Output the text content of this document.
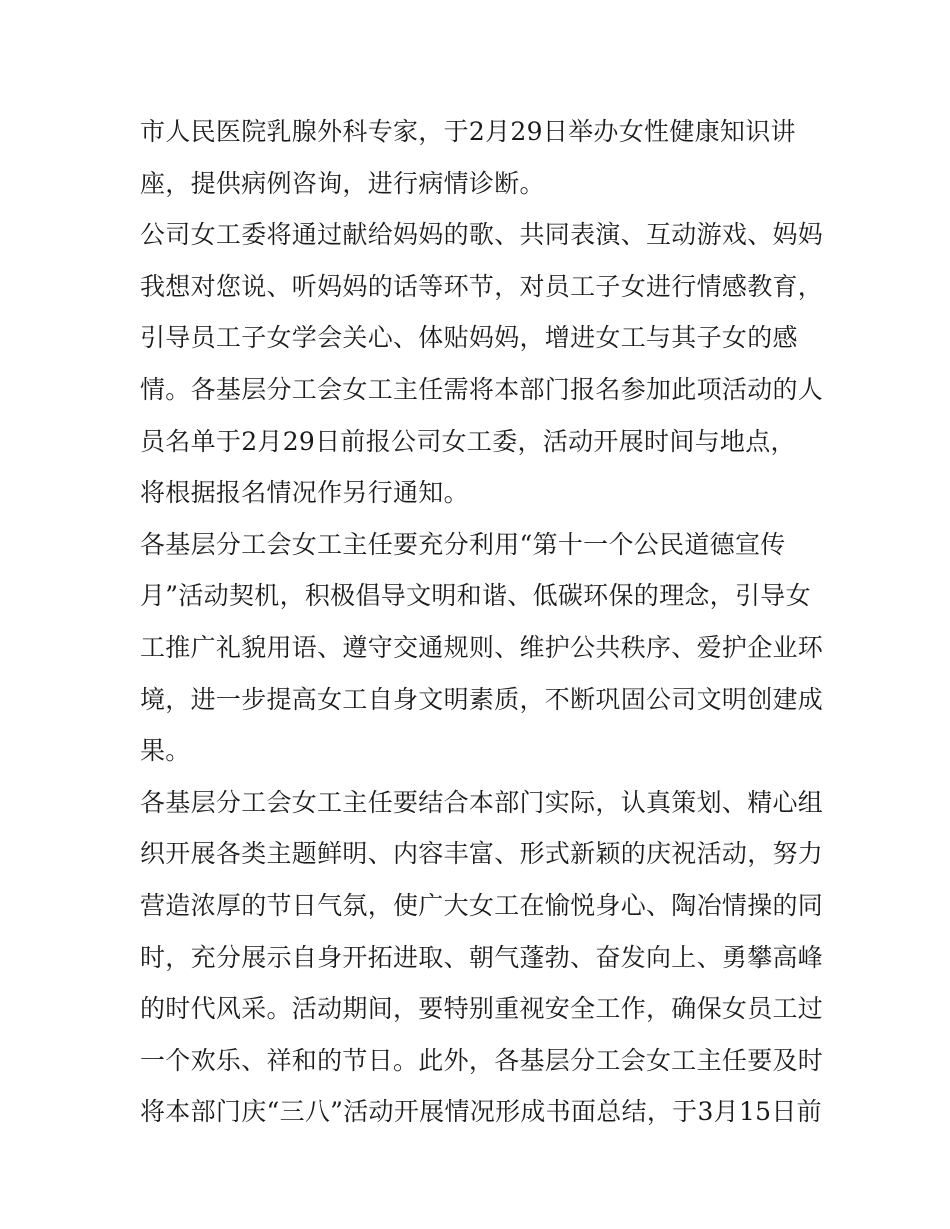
市人民医院乳腺外科专家，于2月29日举办女性健康知识讲
座，提供病例咨询，进行病情诊断。
公司女工委将通过献给妈妈的歌、共同表演、互动游戏、妈妈
我想对您说、听妈妈的话等环节，对员工子女进行情感教育，
引导员工子女学会关心、体贴妈妈，增进女工与其子女的感
情。各基层分工会女工主任需将本部门报名参加此项活动的人
员名单于2月29日前报公司女工委，活动开展时间与地点，
将根据报名情况作另行通知。
各基层分工会女工主任要充分利用“第十一个公民道德宣传
月”活动契机，积极倡导文明和谐、低碳环保的理念，引导女
工推广礼貌用语、遵守交通规则、维护公共秩序、爱护企业环
境，进一步提高女工自身文明素质，不断巩固公司文明创建成
果。
各基层分工会女工主任要结合本部门实际，认真策划、精心组
织开展各类主题鲜明、内容丰富、形式新颖的庆祝活动，努力
营造浓厚的节日气氛，使广大女工在愉悦身心、陶冶情操的同
时，充分展示自身开拓进取、朝气蓬勃、奋发向上、勇攀高峰
的时代风采。活动期间，要特别重视安全工作，确保女员工过
一个欢乐、祥和的节日。此外，各基层分工会女工主任要及时
将本部门庆“三八”活动开展情况形成书面总结，于3月15日前
